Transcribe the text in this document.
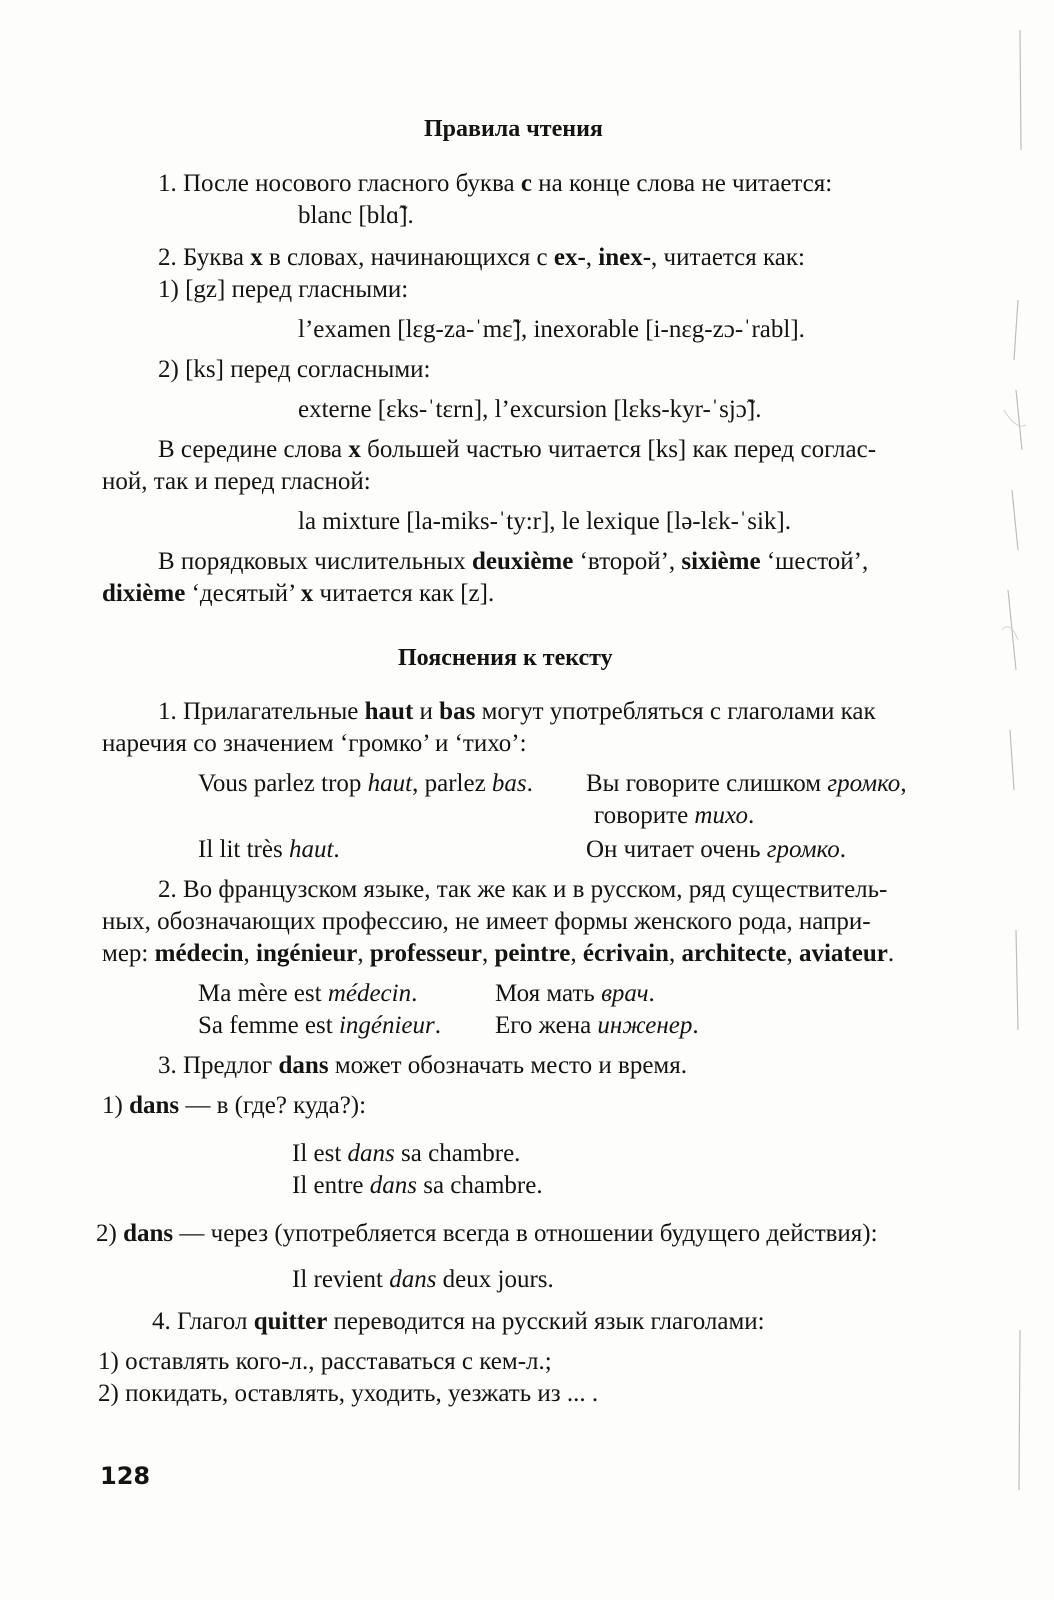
Правила чтения
1. После носового гласного буква c на конце слова не читается:
blanc [blɑ̃].
2. Буква x в словах, начинающихся с ex-, inex-, читается как:
1) [gz] перед гласными:
l’examen [lɛg-za-ˈmɛ̃], inexorable [i-nɛg-zɔ-ˈrabl].
2) [ks] перед согласными:
externe [ɛks-ˈtɛrn], l’excursion [lɛks-kyr-ˈsjɔ̃].
В середине слова x большей частью читается [ks] как перед соглас-
ной, так и перед гласной:
la mixture [la-miks-ˈty:r], le lexique [lə-lɛk-ˈsik].
В порядковых числительных deuxième ‘второй’, sixième ‘шестой’,
dixième ‘десятый’ x читается как [z].
Пояснения к тексту
1. Прилагательные haut и bas могут употребляться с глаголами как
наречия со значением ‘громко’ и ‘тихо’:
Vous parlez trop haut, parlez bas. Вы говорите слишком громко,
говорите тихо.
Il lit très haut.	Он читает очень громко.
2. Во французском языке, так же как и в русском, ряд существитель-
ных, обозначающих профессию, не имеет формы женского рода, напри-
мер: médecin, ingénieur, professeur, peintre, écrivain, architecte, aviateur.
Ma mère est médecin.	Моя мать врач.
Sa femme est ingénieur. Его жена инженер.
3. Предлог dans может обозначать место и время.
1) dans — в (где? куда?):
Il est dans sa chambre.
Il entre dans sa chambre.
2) dans — через (употребляется всегда в отношении будущего действия):
Il revient dans deux jours.
4. Глагол quitter переводится на русский язык глаголами:
1) оставлять кого-л., расставаться с кем-л.;
2) покидать, оставлять, уходить, уезжать из ... .
128
